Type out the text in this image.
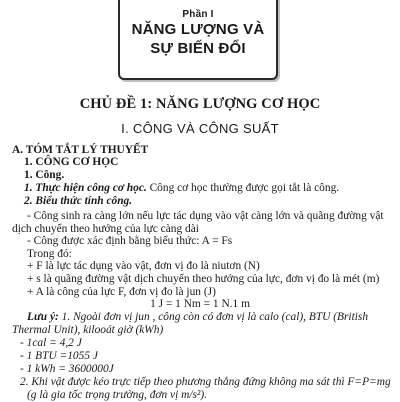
Phần I
NĂNG LƯỢNG VÀ
SỰ BIẾN ĐỔI
CHỦ ĐỀ 1: NĂNG LƯỢNG CƠ HỌC
I. CÔNG VÀ CÔNG SUẤT
A. TÓM TẮT LÝ THUYẾT
1. CÔNG CƠ HỌC
1. Công.
1. Thực hiện công cơ học. Công cơ học thường được gọi tắt là công.
2. Biểu thức tính công.
- Công sinh ra càng lớn nếu lực tác dụng vào vật càng lớn và quãng đường vật
dịch chuyển theo hướng của lực càng dài
- Công được xác định bằng biểu thức: A = Fs
Trong đó:
+ F là lực tác dụng vào vật, đơn vị đo là niutơn (N)
+ s là quãng đường vật dịch chuyển theo hướng của lực, đơn vị đo là mét (m)
+ A là công của lực F, đơn vị đo là jun (J)
1 J = 1 Nm = 1 N.1 m
Lưu ý: 1. Ngoài đơn vị jun , công còn có đơn vị là calo (cal), BTU (British
Thermal Unit), kilooát giờ (kWh)
- 1cal = 4,2 J
- 1 BTU =1055 J
- 1 kWh = 3600000J
2. Khi vật được kéo trực tiếp theo phương thẳng đứng không ma sát thì F=P=mg
(g là gia tốc trọng trường, đơn vị m/s²).
